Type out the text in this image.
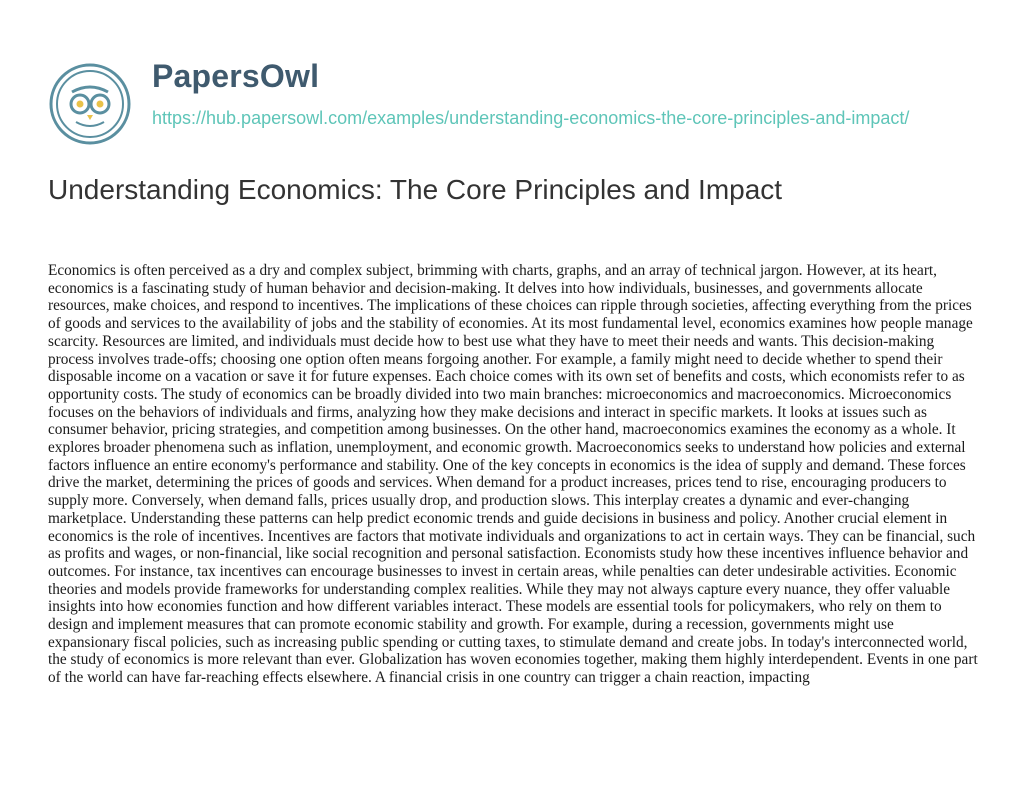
PapersOwl
https://hub.papersowl.com/examples/understanding-economics-the-core-principles-and-impact/
Understanding Economics: The Core Principles and Impact

Economics is often perceived as a dry and complex subject, brimming with charts, graphs, and an array of technical jargon. However, at its heart, economics is a fascinating study of human behavior and decision-making. It delves into how individuals, businesses, and governments allocate resources, make choices, and respond to incentives. The implications of these choices can ripple through societies, affecting everything from the prices of goods and services to the availability of jobs and the stability of economies. At its most fundamental level, economics examines how people manage scarcity. Resources are limited, and individuals must decide how to best use what they have to meet their needs and wants. This decision-making process involves trade-offs; choosing one option often means forgoing another. For example, a family might need to decide whether to spend their disposable income on a vacation or save it for future expenses. Each choice comes with its own set of benefits and costs, which economists refer to as opportunity costs. The study of economics can be broadly divided into two main branches: microeconomics and macroeconomics. Microeconomics focuses on the behaviors of individuals and firms, analyzing how they make decisions and interact in specific markets. It looks at issues such as consumer behavior, pricing strategies, and competition among businesses. On the other hand, macroeconomics examines the economy as a whole. It explores broader phenomena such as inflation, unemployment, and economic growth. Macroeconomics seeks to understand how policies and external factors influence an entire economy's performance and stability. One of the key concepts in economics is the idea of supply and demand. These forces drive the market, determining the prices of goods and services. When demand for a product increases, prices tend to rise, encouraging producers to supply more. Conversely, when demand falls, prices usually drop, and production slows. This interplay creates a dynamic and ever-changing marketplace. Understanding these patterns can help predict economic trends and guide decisions in business and policy. Another crucial element in economics is the role of incentives. Incentives are factors that motivate individuals and organizations to act in certain ways. They can be financial, such as profits and wages, or non-financial, like social recognition and personal satisfaction. Economists study how these incentives influence behavior and outcomes. For instance, tax incentives can encourage businesses to invest in certain areas, while penalties can deter undesirable activities. Economic theories and models provide frameworks for understanding complex realities. While they may not always capture every nuance, they offer valuable insights into how economies function and how different variables interact. These models are essential tools for policymakers, who rely on them to design and implement measures that can promote economic stability and growth. For example, during a recession, governments might use expansionary fiscal policies, such as increasing public spending or cutting taxes, to stimulate demand and create jobs. In today's interconnected world, the study of economics is more relevant than ever. Globalization has woven economies together, making them highly interdependent. Events in one part of the world can have far-reaching effects elsewhere. A financial crisis in one country can trigger a chain reaction, impacting
